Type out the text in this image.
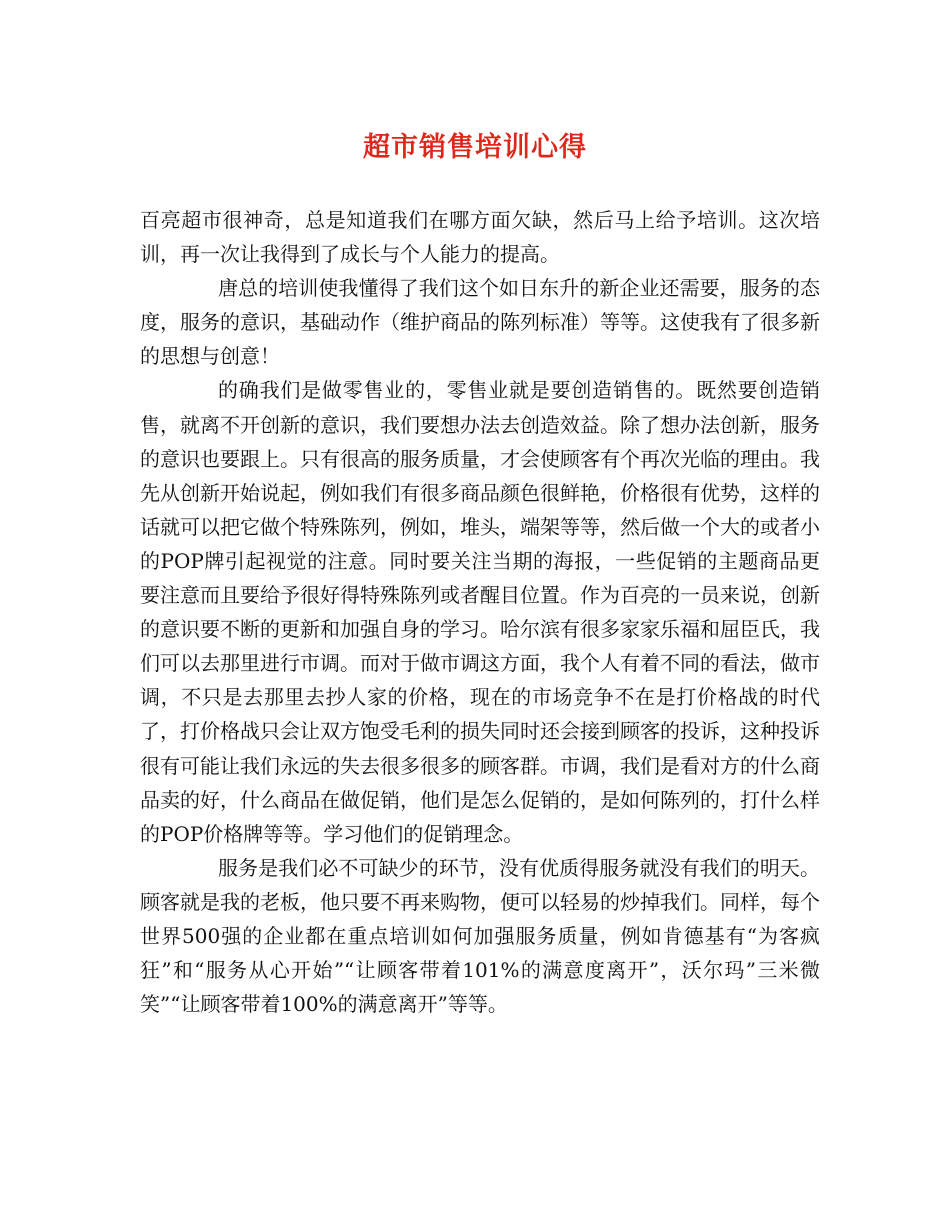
超市销售培训心得

百亮超市很神奇，总是知道我们在哪方面欠缺，然后马上给予培训。这次培训，再一次让我得到了成长与个人能力的提高。

唐总的培训使我懂得了我们这个如日东升的新企业还需要，服务的态度，服务的意识，基础动作（维护商品的陈列标准）等等。这使我有了很多新的思想与创意！

的确我们是做零售业的，零售业就是要创造销售的。既然要创造销售，就离不开创新的意识，我们要想办法去创造效益。除了想办法创新，服务的意识也要跟上。只有很高的服务质量，才会使顾客有个再次光临的理由。我先从创新开始说起，例如我们有很多商品颜色很鲜艳，价格很有优势，这样的话就可以把它做个特殊陈列，例如，堆头，端架等等，然后做一个大的或者小的POP牌引起视觉的注意。同时要关注当期的海报，一些促销的主题商品更要注意而且要给予很好得特殊陈列或者醒目位置。作为百亮的一员来说，创新的意识要不断的更新和加强自身的学习。哈尔滨有很多家家乐福和屈臣氏，我们可以去那里进行市调。而对于做市调这方面，我个人有着不同的看法，做市调，不只是去那里去抄人家的价格，现在的市场竞争不在是打价格战的时代了，打价格战只会让双方饱受毛利的损失同时还会接到顾客的投诉，这种投诉很有可能让我们永远的失去很多很多的顾客群。市调，我们是看对方的什么商品卖的好，什么商品在做促销，他们是怎么促销的，是如何陈列的，打什么样的POP价格牌等等。学习他们的促销理念。

服务是我们必不可缺少的环节，没有优质得服务就没有我们的明天。顾客就是我的老板，他只要不再来购物，便可以轻易的炒掉我们。同样，每个世界500强的企业都在重点培训如何加强服务质量，例如肯德基有“为客疯狂”和“服务从心开始”“让顾客带着101%的满意度离开”，沃尔玛”三米微笑”“让顾客带着100%的满意离开”等等。
